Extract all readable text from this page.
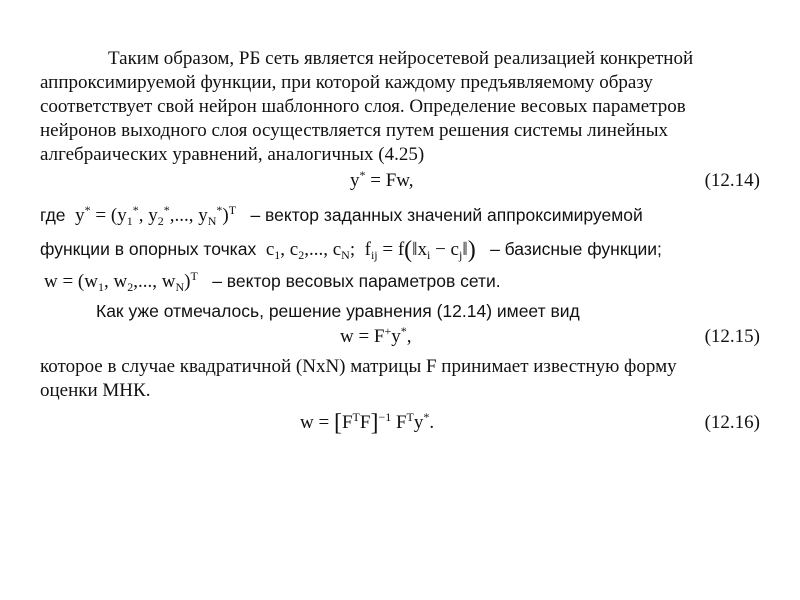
Таким образом, РБ сеть является нейросетевой реализацией конкретной
аппроксимируемой функции, при которой каждому предъявляемому образу
соответствует свой нейрон шаблонного слоя. Определение весовых параметров
нейронов выходного слоя осуществляется путем решения системы линейных
алгебраических уравнений, аналогичных (4.25)
y* = Fw,	(12.14)
где  $y^* = (y_1^*$, $y_2^*$,..., $y_N^*)^T$ – вектор заданных значений аппроксимируемой
функции в опорных точках  $c_1$, $c_2$,..., $c_N$;  $f_{ij}$ = $f(‖x_i$ − $c_j‖$) – базисные функции;
$w = (w_1$, $w_2$,..., $w_N)^T$ – вектор весовых параметров сети.
Как уже отмечалось, решение уравнения (12.14) имеет вид
w = F+y*,	(12.15)
которое в случае квадратичной (NxN) матрицы F принимает известную форму
оценки МНК.
$w = [F^TF]^{-1}$ $F^Ty^*$.	(12.16)
